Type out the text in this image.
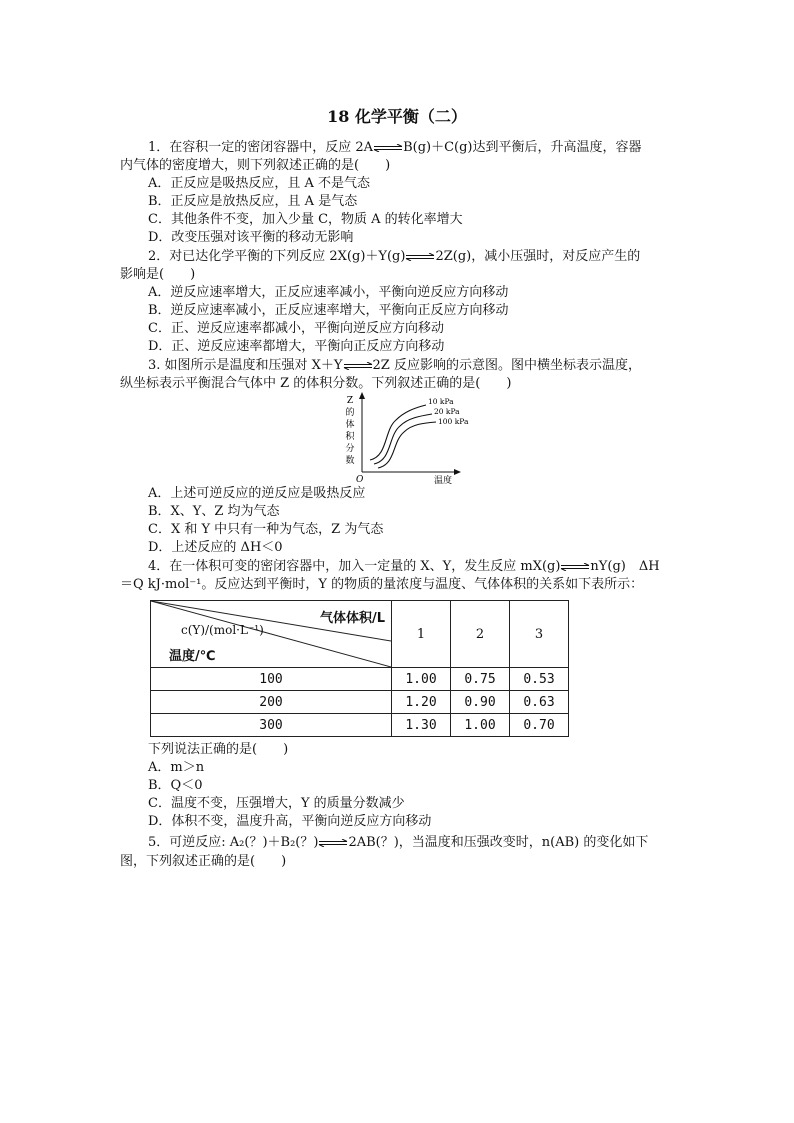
18 化学平衡（二）
1．在容积一定的密闭容器中，反应 2A⇌B(g)＋C(g)达到平衡后，升高温度，容器
内气体的密度增大，则下列叙述正确的是(　　)
A．正反应是吸热反应，且 A 不是气态
B．正反应是放热反应，且 A 是气态
C．其他条件不变，加入少量 C，物质 A 的转化率增大
D．改变压强对该平衡的移动无影响
2．对已达化学平衡的下列反应 2X(g)＋Y(g)⇌2Z(g)，减小压强时，对反应产生的
影响是(　　)
A．逆反应速率增大，正反应速率减小，平衡向逆反应方向移动
B．逆反应速率减小，正反应速率增大，平衡向正反应方向移动
C．正、逆反应速率都减小，平衡向逆反应方向移动
D．正、逆反应速率都增大，平衡向正反应方向移动
3. 如图所示是温度和压强对 X＋Y⇌2Z 反应影响的示意图。图中横坐标表示温度，
纵坐标表示平衡混合气体中 Z 的体积分数。下列叙述正确的是(　　)
Z
的
体
积
分
数
O	温度
10 kPa
20 kPa
100 kPa
A．上述可逆反应的逆反应是吸热反应
B．X、Y、Z 均为气态
C．X 和 Y 中只有一种为气态，Z 为气态
D．上述反应的 ΔH＜0
4．在一体积可变的密闭容器中，加入一定量的 X、Y，发生反应 mX(g)⇌nY(g)　ΔH
＝Q kJ·mol⁻¹。反应达到平衡时，Y 的物质的量浓度与温度、气体体积的关系如下表所示：
气体体积/L
c(Y)/(mol·L⁻¹)
温度/℃	1	2	3
100	1.00	0.75	0.53
200	1.20	0.90	0.63
300	1.30	1.00	0.70
下列说法正确的是(　　)
A．m＞n
B．Q＜0
C．温度不变，压强增大，Y 的质量分数减少
D．体积不变，温度升高，平衡向逆反应方向移动
5．可逆反应: A₂(？)＋B₂(？)⇌2AB(？)，当温度和压强改变时，n(AB) 的变化如下
图，下列叙述正确的是(　　)
